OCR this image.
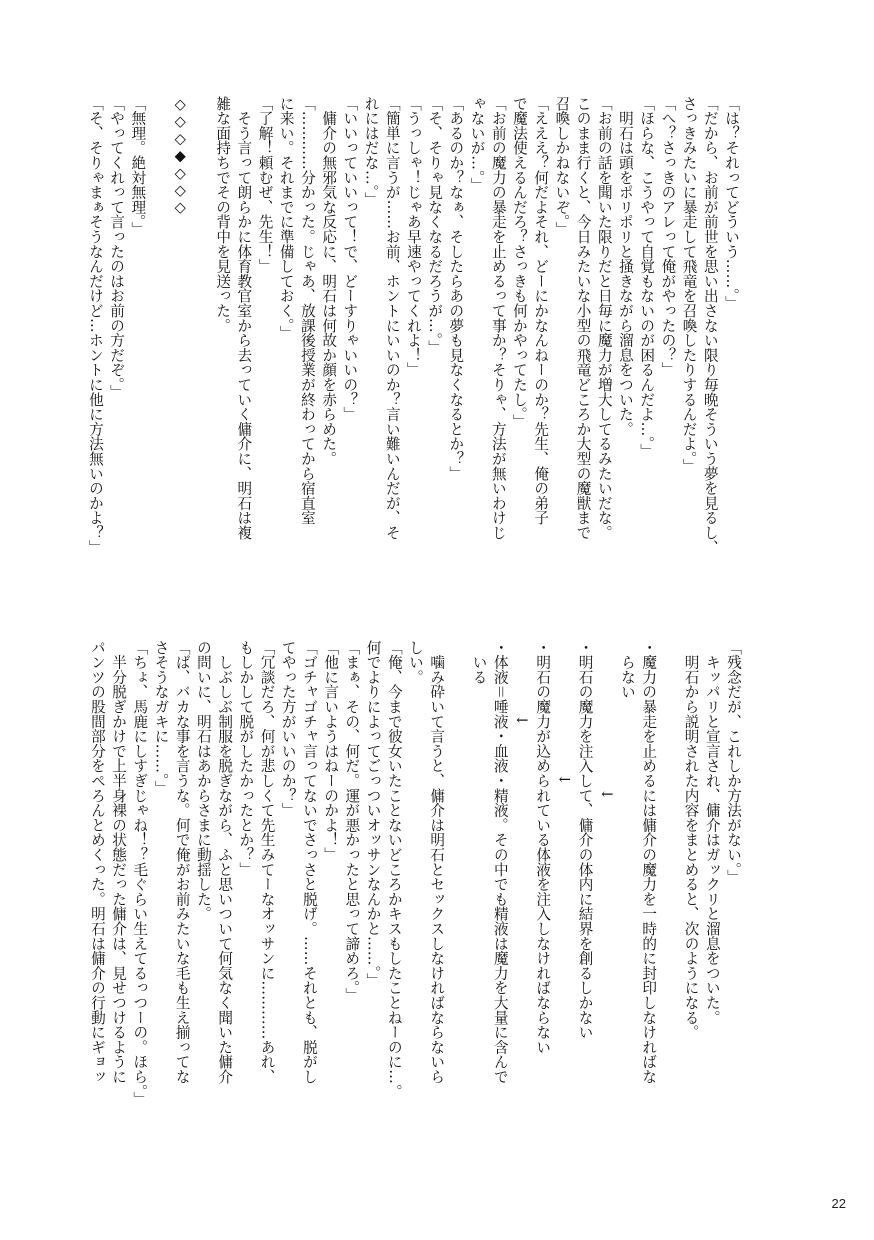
「は？それってどういう……。」
「だから、お前が前世を思い出さない限り毎晩そういう夢を見るし、
さっきみたいに暴走して飛竜を召喚したりするんだよ。」
「へ？さっきのアレって俺がやったの？」
「ほらな、こうやって自覚もないのが困るんだよ…。」
　明石は頭をポリポリと掻きながら溜息をついた。
「お前の話を聞いた限りだと日毎に魔力が増大してるみたいだな。
このまま行くと、今日みたいな小型の飛竜どころか大型の魔獣まで
召喚しかねないぞ。」
「えええ？何だよそれ、どーにかなんねーのか？先生、俺の弟子
で魔法使えるんだろ？さっきも何かやってたし。」
「お前の魔力の暴走を止めるって事か？そりゃ、方法が無いわけじ
ゃないが…。」
「あるのか？なぁ、そしたらあの夢も見なくなるとか？」
「そ、そりゃ見なくなるだろうが…。」
「うっしゃ！じゃあ早速やってくれよ！」
「簡単に言うが……お前、ホントにいいのか？言い難いんだが、そ
れにはだな…。」
「いいっていいって！で、どーすりゃいいの？」
　傭介の無邪気な反応に、明石は何故か顔を赤らめた。
「…………分かった。じゃあ、放課後授業が終わってから宿直室
に来い。それまでに準備しておく。」
「了解！頼むぜ、先生！」
　そう言って朗らかに体育教官室から去っていく傭介に、明石は複
雑な面持ちでその背中を見送った。

◇◇◇◆◇◇◇

「無理。絶対無理。」
「やってくれって言ったのはお前の方だぞ。」
「そ、そりゃまぁそうなんだけど…ホントに他に方法無いのかよ？」
「残念だが、これしか方法がない。」
　キッパリと宣言され、傭介はガックリと溜息をついた。
　明石から説明された内容をまとめると、次のようになる。

・魔力の暴走を止めるには傭介の魔力を一時的に封印しなければな
　らない
　　　　　　　　　　↓
・明石の魔力を注入して、傭介の体内に結界を創るしかない
　　　　　　　　　↓
・明石の魔力が込められている体液を注入しなければならない
　　　　　↓
・体液＝唾液・血液・精液。その中でも精液は魔力を大量に含んで
　いる

　噛み砕いて言うと、傭介は明石とセックスしなければならないら
しい。
「俺、今まで彼女いたことないどころかキスもしたことねーのに…。
何でよりによってごっついオッサンなんかと……。」
「まぁ、その、何だ。運が悪かったと思って諦めろ。」
「他に言いようはねーのかよ！」
「ゴチャゴチャ言ってないでさっさと脱げ。……それとも、脱がし
てやった方がいいのか？」
「冗談だろ、何が悲しくて先生みてーなオッサンに…………あれ、
もしかして脱がしたかったとか？」
　しぶしぶ制服を脱ぎながら、ふと思いついて何気なく聞いた傭介
の問いに、明石はあからさまに動揺した。
「ば、バカな事を言うな。何で俺がお前みたいな毛も生え揃ってな
さそうなガキに……。」
「ちょ、馬鹿にしすぎじゃね！？毛ぐらい生えてるっつーの。ほら。」
　半分脱ぎかけで上半身裸の状態だった傭介は、見せつけるように
パンツの股間部分をぺろんとめくった。明石は傭介の行動にギョッ
22
